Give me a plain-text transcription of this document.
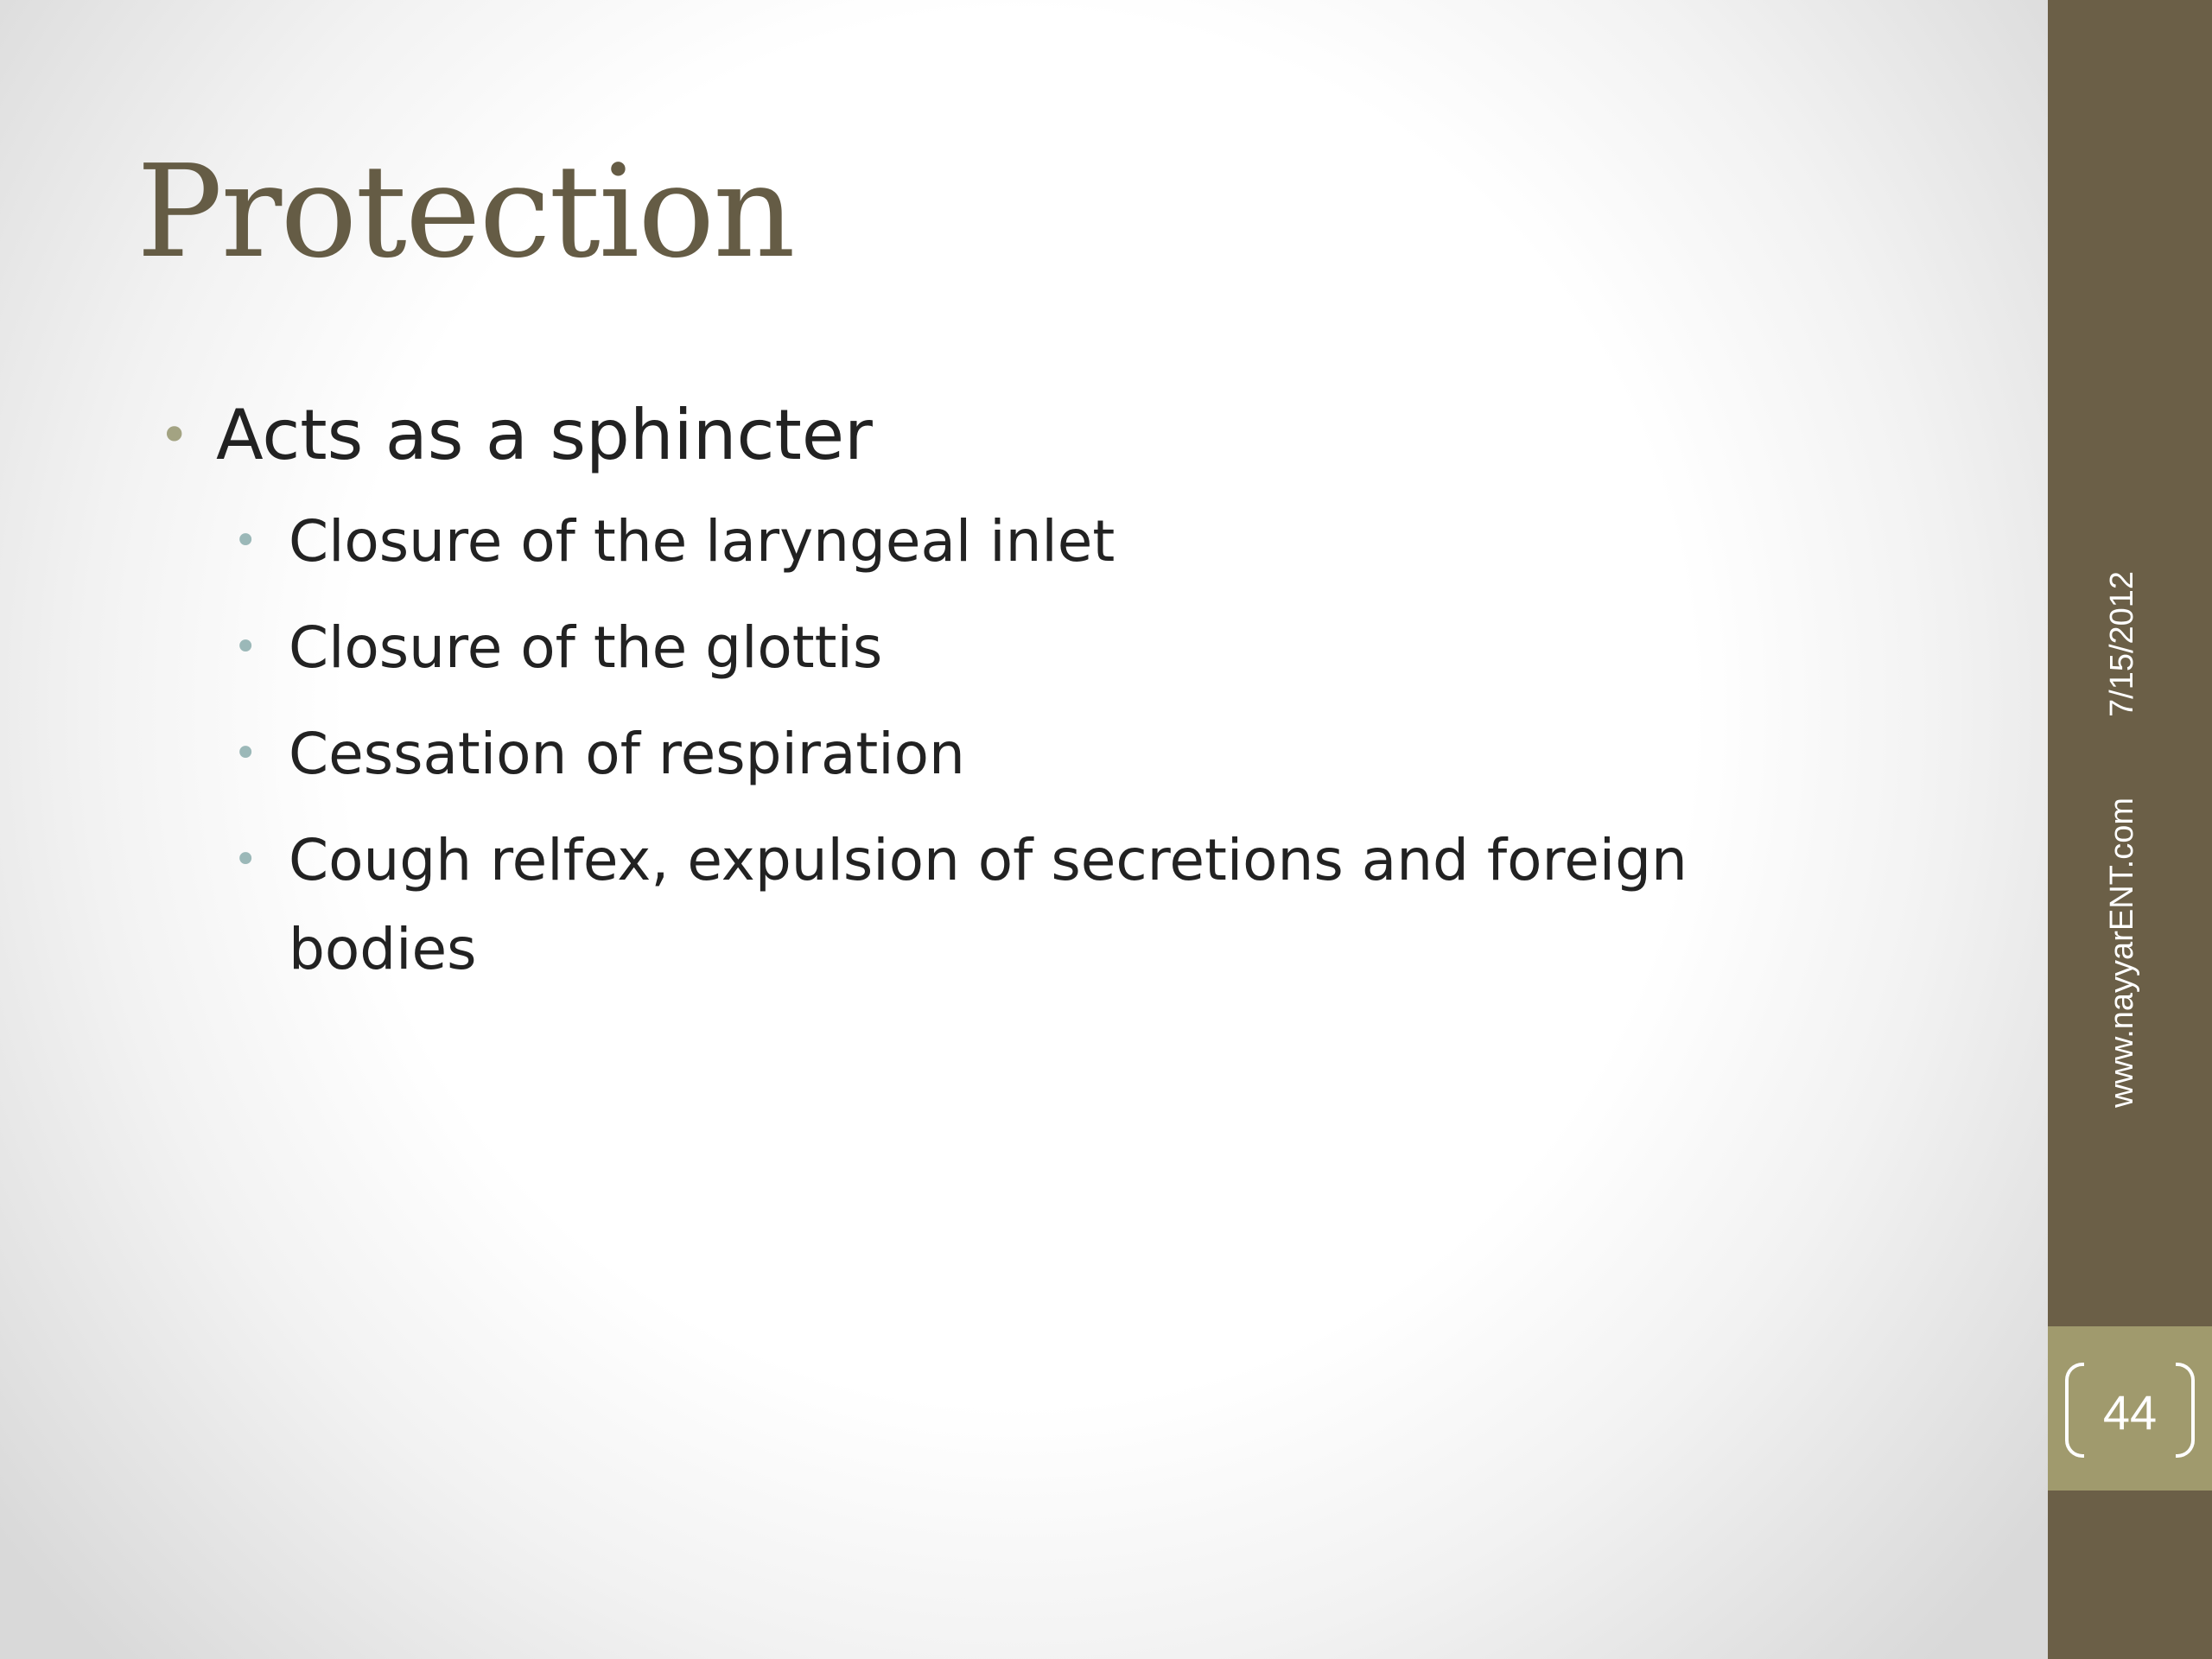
Protection
• Acts as a sphincter
• Closure of the laryngeal inlet
• Closure of the glottis
• Cessation of respiration
• Cough relfex, expulsion of secretions and foreign bodies
7/15/2012
www.nayyarENT.com
44
